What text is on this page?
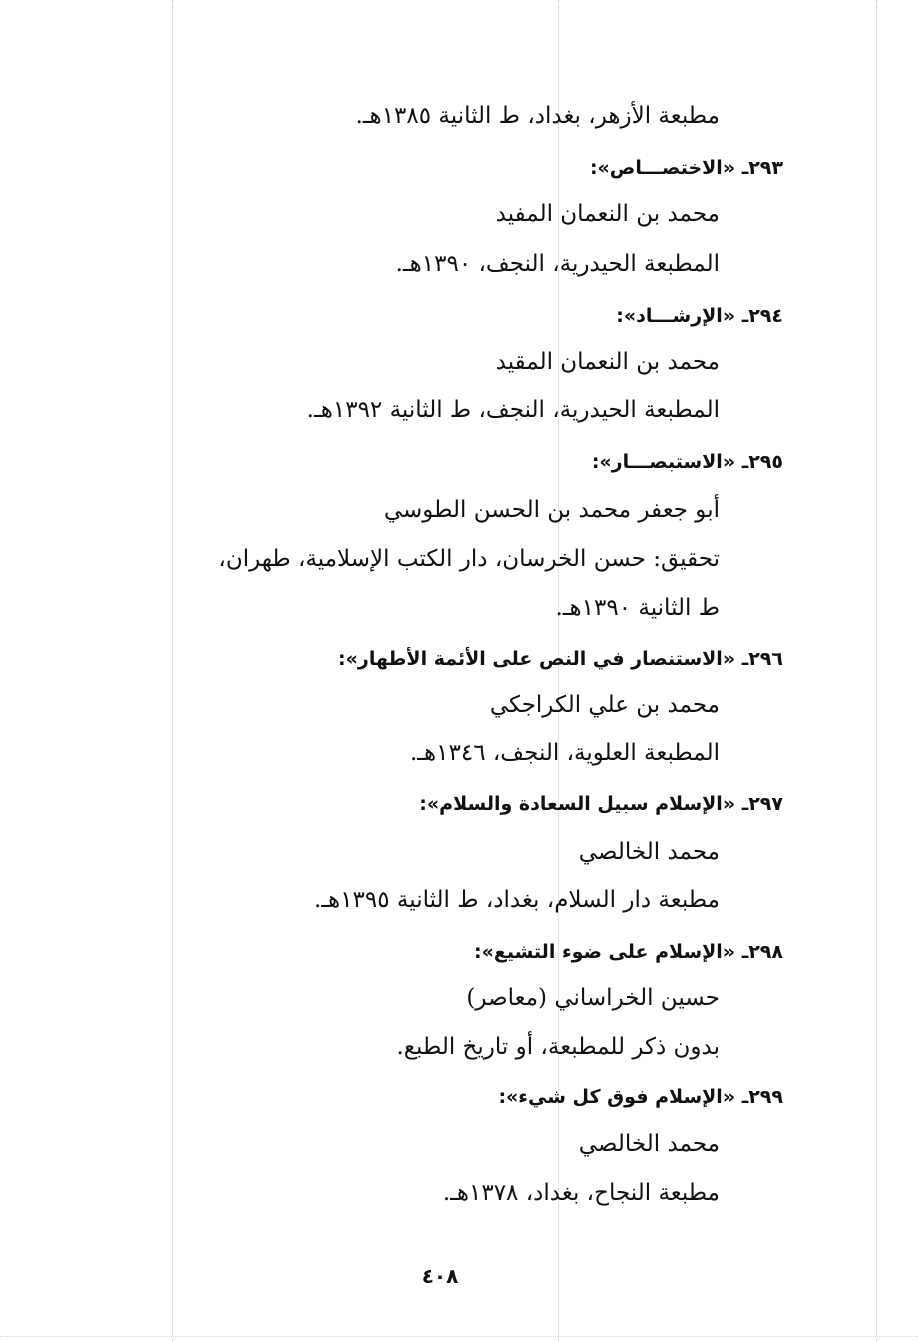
مطبعة الأزهر، بغداد، ط الثانية ١٣٨٥هـ.
٢٩٣ـ «الاختصـــاص»:
محمد بن النعمان المفيد
المطبعة الحيدرية، النجف، ١٣٩٠هـ.
٢٩٤ـ «الإرشـــاد»:
محمد بن النعمان المقيد
المطبعة الحيدرية، النجف، ط الثانية ١٣٩٢هـ.
٢٩٥ـ «الاستبصـــار»:
أبو جعفر محمد بن الحسن الطوسي
تحقيق: حسن الخرسان، دار الكتب الإسلامية، طهران،
ط الثانية ١٣٩٠هـ.
٢٩٦ـ «الاستنصار في النص على الأئمة الأطهار»:
محمد بن علي الكراجكي
المطبعة العلوية، النجف، ١٣٤٦هـ.
٢٩٧ـ «الإسلام سبيل السعادة والسلام»:
محمد الخالصي
مطبعة دار السلام، بغداد، ط الثانية ١٣٩٥هـ.
٢٩٨ـ «الإسلام على ضوء التشيع»:
حسين الخراساني (معاصر)
بدون ذكر للمطبعة، أو تاريخ الطبع.
٢٩٩ـ «الإسلام فوق كل شيء»:
محمد الخالصي
مطبعة النجاح، بغداد، ١٣٧٨هـ.
٤٠٨
